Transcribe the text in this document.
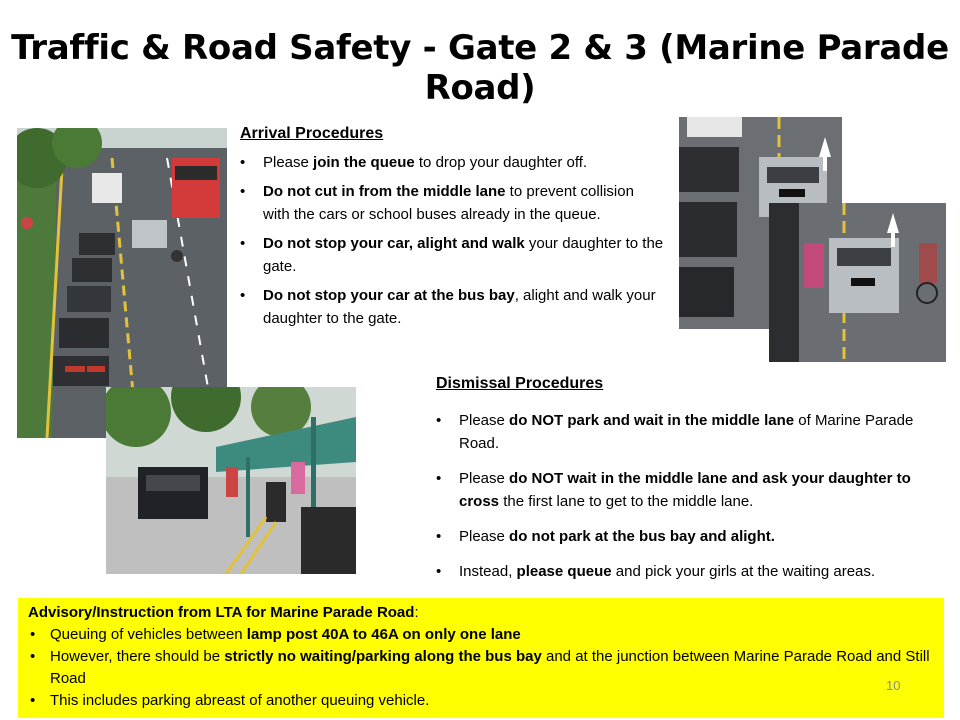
Traffic & Road Safety - Gate 2 & 3 (Marine Parade Road)
Arrival Procedures
• Please join the queue to drop your daughter off.
• Do not cut in from the middle lane to prevent collision with the cars or school buses already in the queue.
• Do not stop your car, alight and walk your daughter to the gate.
• Do not stop your car at the bus bay, alight and walk your daughter to the gate.
Dismissal Procedures
• Please do NOT park and wait in the middle lane of Marine Parade Road.
• Please do NOT wait in the middle lane and ask your daughter to cross the first lane to get to the middle lane.
• Please do not park at the bus bay and alight.
• Instead, please queue and pick your girls at the waiting areas.
Advisory/Instruction from LTA for Marine Parade Road:
• Queuing of vehicles between lamp post 40A to 46A on only one lane
• However, there should be strictly no waiting/parking along the bus bay and at the junction between Marine Parade Road and Still Road
• This includes parking abreast of another queuing vehicle.
10
